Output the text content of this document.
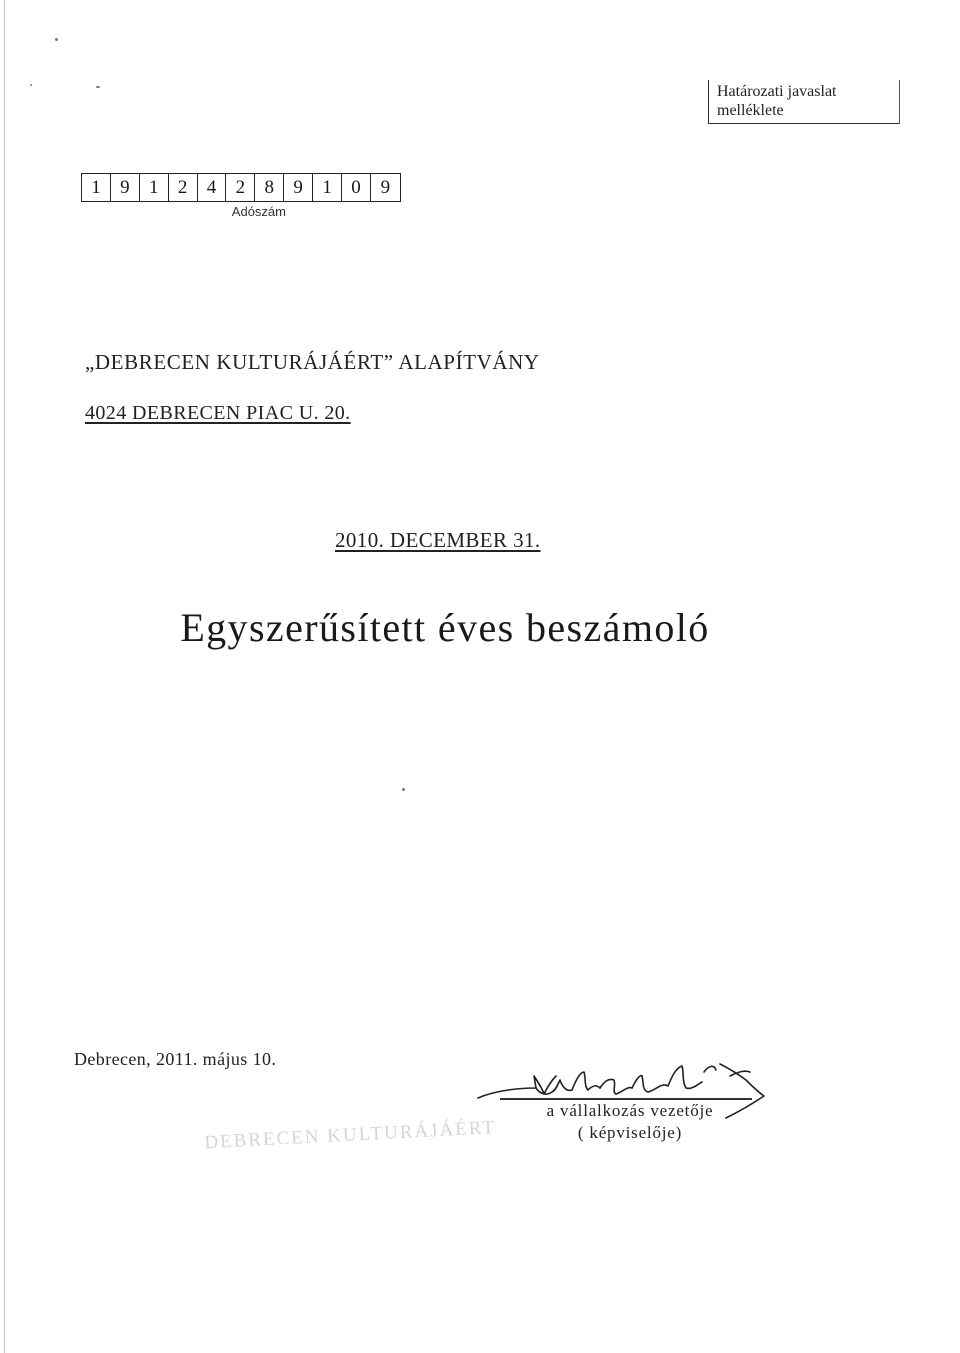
Határozati javaslat
melléklete
1	9	1	2	4	2	8	9	1	0	9
Adószám
„DEBRECEN KULTURÁJÁÉRT” ALAPÍTVÁNY
4024 DEBRECEN PIAC U. 20.
2010. DECEMBER 31.
Egyszerűsített éves beszámoló
Debrecen, 2011. május 10.
DEBRECEN KULTURÁJÁÉRT
a vállalkozás vezetője
( képviselője)
